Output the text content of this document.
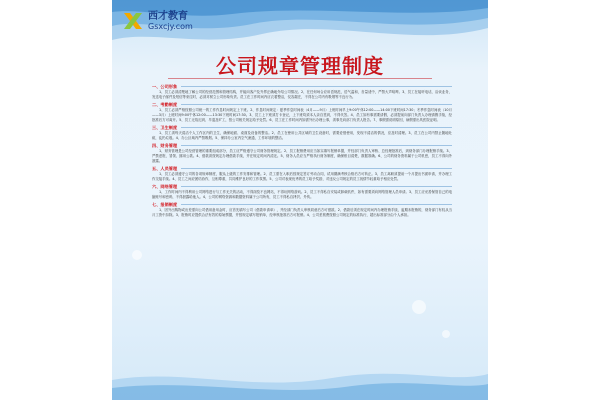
西才教育
Gsxcjy.com
公司规章管理制度
一、公司形象

1、员工必须清楚地了解公司的经营范围和管理结构，并能向客户及外界正确地介绍公司情况。2、在任何场合应用语规范，语气温和，音量适中，严禁大声喧哗。3、员工在接听电话，洽谈业务，发送电子邮件及短信等来往时，必须对树立公司形象负责。员工在工作时间内应衣着整洁，仪容端庄，不得在公司内有吸烟等不良行为。

二、考勤制度

1、员工必须严格按照公司统一的工作作息时间规定上下班。2、作息时间规定：夏季作息时间表（4月——9月）上班时间早上9:00午休12:00——14:00下班时间17:30；冬季作息时间表（10月——3月）上班时间9:00午休12:00——13:30下班时间17:30。3、员工上下班须打卡登记，上下班均须本人亲自签到，不得代签。4、员工如有事需要请假，必须提前向部门负责人办理请假手续，经批准后方可离开。5、员工无故迟到、早退及旷工，按公司相关规定给予处罚。6、员工在工作时间内如需外出办理公事，须事先向部门负责人报告。7、事假需说明原因，病假需出具医院证明。

三、卫生制度

1、员工须每天清洁个人工作区内的卫生，确保地面、桌面及设备的整洁。2、员工在使用公共区域的卫生设备时，需要爱惜使用，发现不清洁的情况，应及时清理。3、员工在公司内禁止随地吐痰，乱扔垃圾。4、办公区域内严禁吸烟。5、保持办公室内空气流通，工作环境的整洁。

四、财务管理

1、财务管理是公司经营管理的重要组成部分，员工应严格遵守公司财务管理规定。2、员工报销费用应当如实填写报销单据，并经部门负责人审核、总经理批准后，到财务部门办理报销手续。3、严禁虚报、冒领、挪用公款。4、借款须按规定办理借款手续，并在规定时间内清还。5、财务人员应当严格执行财务制度，确保账目清楚，数据准确。6、公司的财务资料属于公司机密，员工不得向外泄露。

五、人员管理

1、员工必须遵守公司的各项规章制度，服从上级的工作安排和管理。2、员工需在入职后按规定签订劳动合同，试用期满考核合格后方可转正。3、员工离职须提前一个月提出书面申请，并办理工作交接手续。4、员工之间应团结协作，互相尊重，共同维护良好的工作氛围。5、公司对表现优秀的员工给予奖励，对违反公司规定的员工视情节轻重给予相应处罚。

六、网络管理

1、工作时间内不得利用公司网络进行与工作无关的活动，不得浏览不良网站，不得玩网络游戏。2、员工不得私自安装或卸载软件，如有需要须向网络管理人员申请。3、员工应妥善保管自己的电脑账号和密码，不得泄露给他人。4、公司的网络资源和数据资料属于公司所有，员工不得私自拷贝、外传。

七、报销制度

1、因外出购物或出差需向公司借用备用金时，应首先填写公司《借款申请单》，并经部门负责人审核同意后方可借款。2、借款后须在规定时间内办理报销手续，逾期未报销的，财务部门有权从当月工资中扣除。3、报销时应提供合法有效的原始票据，并按规定填写报销单，经审核批准后方可报销。4、公司差旅费按照公司规定的标准执行，超出标准部分由个人承担。
